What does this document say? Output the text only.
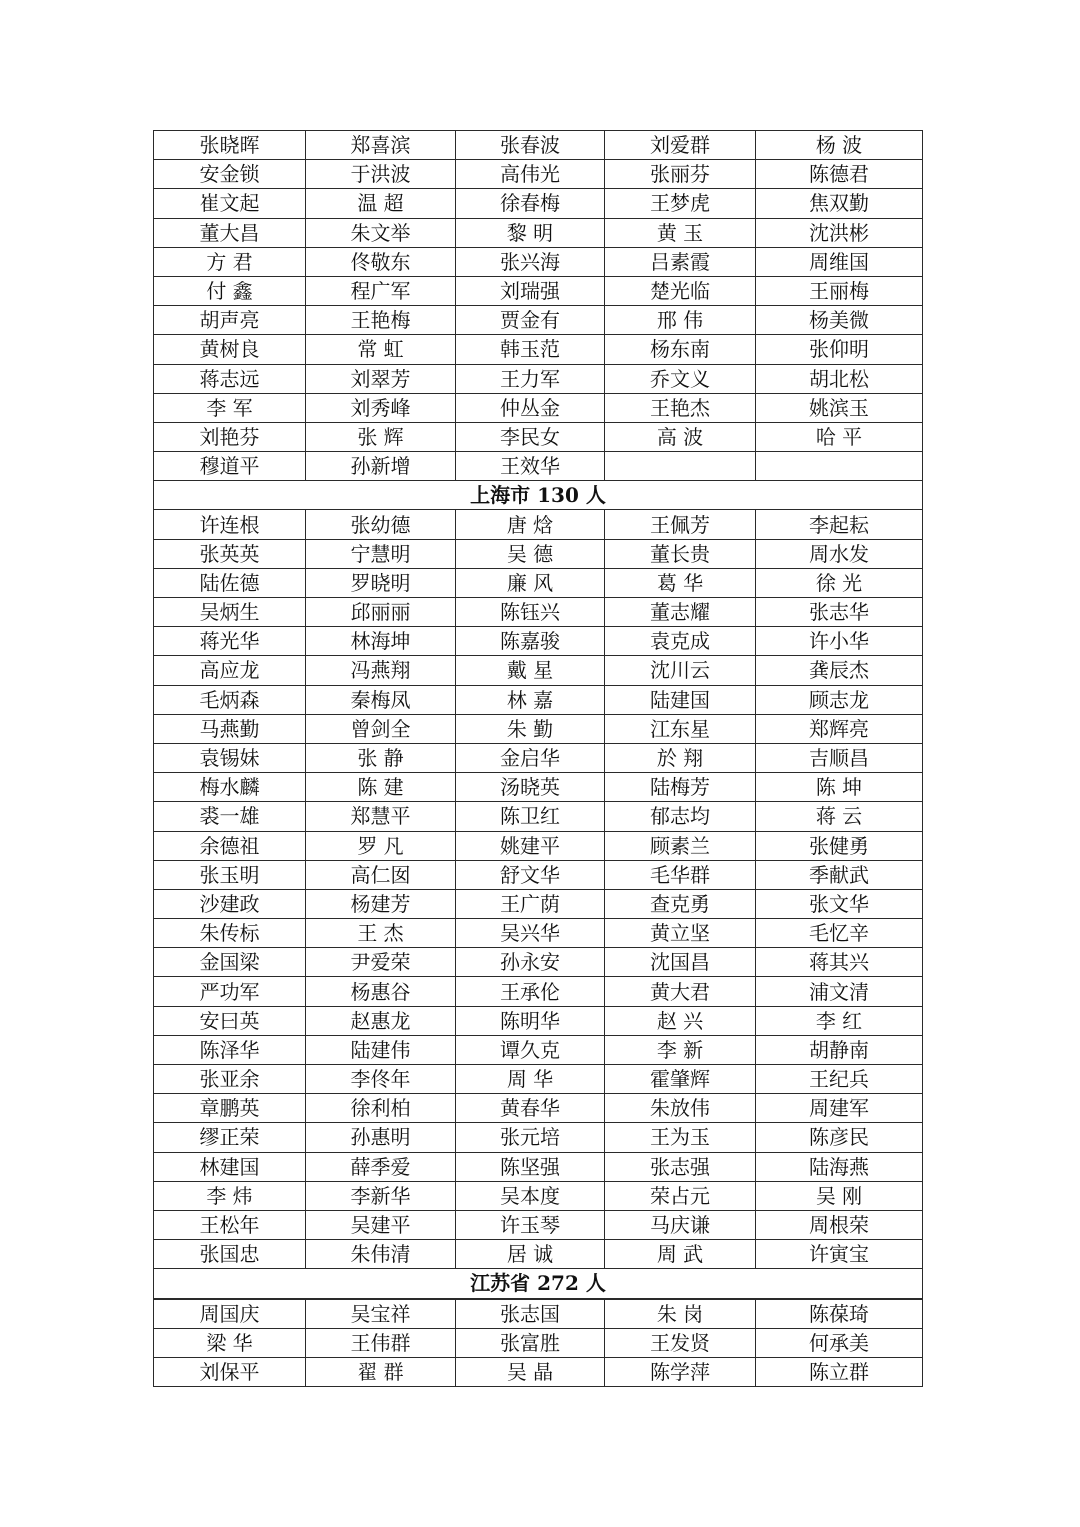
张晓晖	郑喜滨	张春波	刘爱群	杨 波
安金锁	于洪波	高伟光	张丽芬	陈德君
崔文起	温 超	徐春梅	王梦虎	焦双勤
董大昌	朱文举	黎 明	黄 玉	沈洪彬
方 君	佟敬东	张兴海	吕素霞	周维国
付 鑫	程广军	刘瑞强	楚光临	王丽梅
胡声亮	王艳梅	贾金有	邢 伟	杨美微
黄树良	常 虹	韩玉范	杨东南	张仰明
蒋志远	刘翠芳	王力军	乔文义	胡北松
李 军	刘秀峰	仲丛金	王艳杰	姚滨玉
刘艳芬	张 辉	李民女	高 波	哈 平
穆道平	孙新增	王效华		
上海市 130 人				
许连根	张幼德	唐 焓	王佩芳	李起耘
张英英	宁慧明	吴 德	董长贵	周水发
陆佐德	罗晓明	廉 风	葛 华	徐 光
吴炳生	邱丽丽	陈钰兴	董志耀	张志华
蒋光华	林海坤	陈嘉骏	袁克成	许小华
高应龙	冯燕翔	戴 星	沈川云	龚辰杰
毛炳森	秦梅凤	林 嘉	陆建国	顾志龙
马燕勤	曾剑全	朱 勤	江东星	郑辉亮
袁锡妹	张 静	金启华	於 翔	吉顺昌
梅水麟	陈 建	汤晓英	陆梅芳	陈 坤
裘一雄	郑慧平	陈卫红	郁志均	蒋 云
余德祖	罗 凡	姚建平	顾素兰	张健勇
张玉明	高仁囡	舒文华	毛华群	季献武
沙建政	杨建芳	王广荫	查克勇	张文华
朱传标	王 杰	吴兴华	黄立坚	毛忆辛
金国梁	尹爱荣	孙永安	沈国昌	蒋其兴
严功军	杨惠谷	王承伦	黄大君	浦文清
安曰英	赵惠龙	陈明华	赵 兴	李 红
陈泽华	陆建伟	谭久克	李 新	胡静南
张亚余	李佟年	周 华	霍肇辉	王纪兵
章鹏英	徐利柏	黄春华	朱放伟	周建军
缪正荣	孙惠明	张元培	王为玉	陈彦民
林建国	薛季爱	陈坚强	张志强	陆海燕
李 炜	李新华	吴本度	荣占元	吴 刚
王松年	吴建平	许玉琴	马庆谦	周根荣
张国忠	朱伟清	居 诚	周 武	许寅宝
江苏省 272 人				
周国庆	吴宝祥	张志国	朱 岗	陈葆琦
梁 华	王伟群	张富胜	王发贤	何承美
刘保平	翟 群	吴 晶	陈学萍	陈立群
